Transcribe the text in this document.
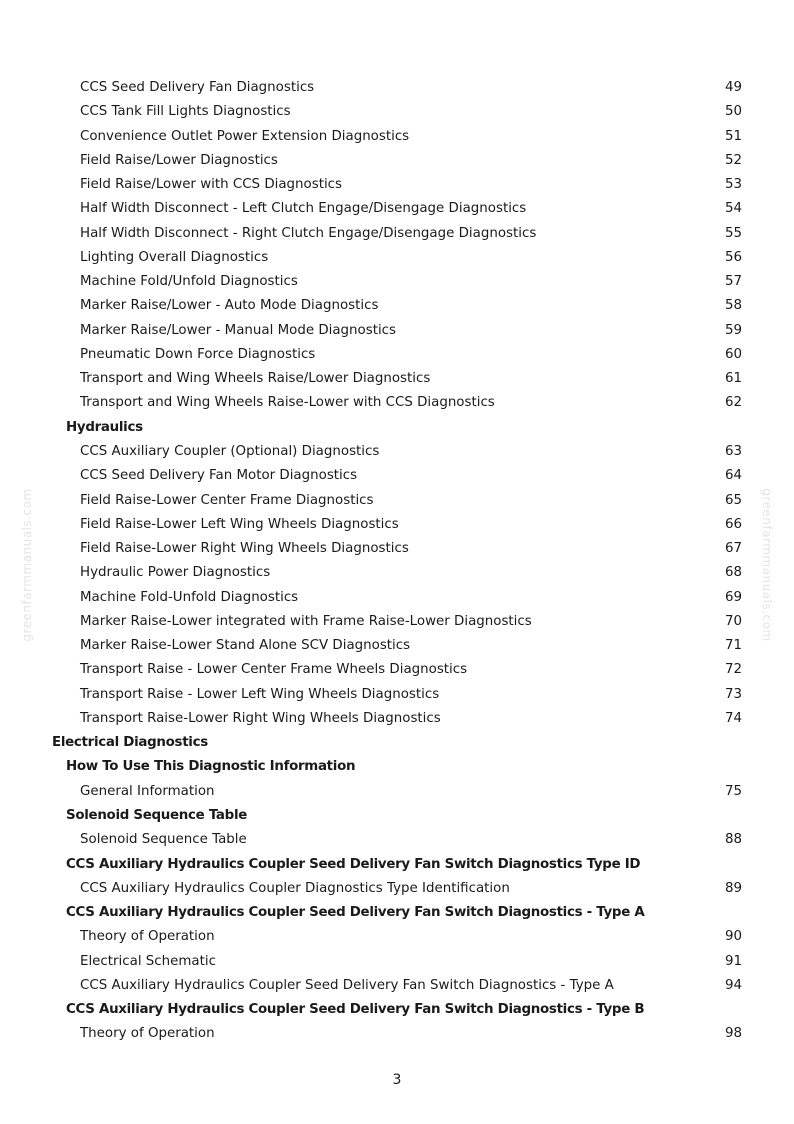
CCS Seed Delivery Fan Diagnostics	49
CCS Tank Fill Lights Diagnostics	50
Convenience Outlet Power Extension Diagnostics	51
Field Raise/Lower Diagnostics	52
Field Raise/Lower with CCS Diagnostics	53
Half Width Disconnect - Left Clutch Engage/Disengage Diagnostics	54
Half Width Disconnect - Right Clutch Engage/Disengage Diagnostics	55
Lighting Overall Diagnostics	56
Machine Fold/Unfold Diagnostics	57
Marker Raise/Lower - Auto Mode Diagnostics	58
Marker Raise/Lower - Manual Mode Diagnostics	59
Pneumatic Down Force Diagnostics	60
Transport and Wing Wheels Raise/Lower Diagnostics	61
Transport and Wing Wheels Raise-Lower with CCS Diagnostics	62
Hydraulics
CCS Auxiliary Coupler (Optional) Diagnostics	63
CCS Seed Delivery Fan Motor Diagnostics	64
Field Raise-Lower Center Frame Diagnostics	65
Field Raise-Lower Left Wing Wheels Diagnostics	66
Field Raise-Lower Right Wing Wheels Diagnostics	67
Hydraulic Power Diagnostics	68
Machine Fold-Unfold Diagnostics	69
Marker Raise-Lower integrated with Frame Raise-Lower Diagnostics	70
Marker Raise-Lower Stand Alone SCV Diagnostics	71
Transport Raise - Lower Center Frame Wheels Diagnostics	72
Transport Raise - Lower Left Wing Wheels Diagnostics	73
Transport Raise-Lower Right Wing Wheels Diagnostics	74
Electrical Diagnostics
How To Use This Diagnostic Information
General Information	75
Solenoid Sequence Table
Solenoid Sequence Table	88
CCS Auxiliary Hydraulics Coupler Seed Delivery Fan Switch Diagnostics Type ID
CCS Auxiliary Hydraulics Coupler Diagnostics Type Identification	89
CCS Auxiliary Hydraulics Coupler Seed Delivery Fan Switch Diagnostics - Type A
Theory of Operation	90
Electrical Schematic	91
CCS Auxiliary Hydraulics Coupler Seed Delivery Fan Switch Diagnostics - Type A	94
CCS Auxiliary Hydraulics Coupler Seed Delivery Fan Switch Diagnostics - Type B
Theory of Operation	98
greenfarmmanuals.com	greenfarmmanuals.com
3
